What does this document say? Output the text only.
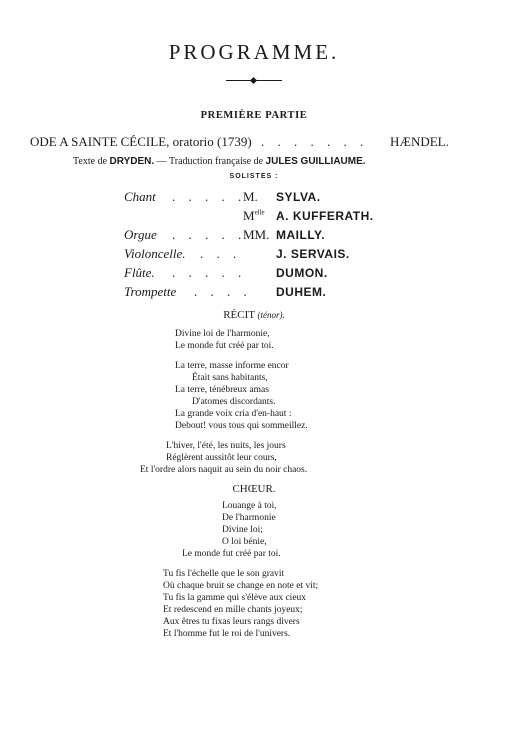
PROGRAMME.
PREMIÈRE PARTIE
ODE A SAINTE CÉCILE, oratorio (1739) . . . . . . . HÆNDEL.
Texte de DRYDEN. — Traduction française de JULES GUILLIAUME.
SOLISTES :
Chant . . . . .
M. SYLVA.
$M^{elle}$ A. KUFFERATH.
Orgue . . . . .
MM. MAILLY.
Violoncelle. . . .	J. SERVAIS.
Flûte. . . . . . DUMON.
Trompette . . . . DUHEM.
RÉCIT (ténor).
Divine loi de l'harmonie,
Le monde fut créé par toi.
La terre, masse informe encor
Était sans habitants,
La terre, ténébreux amas
D'atomes discordants.
La grande voix cria d'en-haut :
Debout! vous tous qui sommeillez.
L'hiver, l'été, les nuits, les jours
Réglèrent aussitôt leur cours,
Et l'ordre alors naquit au sein du noir chaos.
CHŒUR.
Louange à toi,
De l'harmonie
Divine loi;
O loi bénie,
Le monde fut créé par toi.
Tu fis l'échelle que le son gravit
Où chaque bruit se change en note et vit;
Tu fis la gamme qui s'élève aux cieux
Et redescend en mille chants joyeux;
Aux êtres tu fixas leurs rangs divers
Et l'homme fut le roi de l'univers.
